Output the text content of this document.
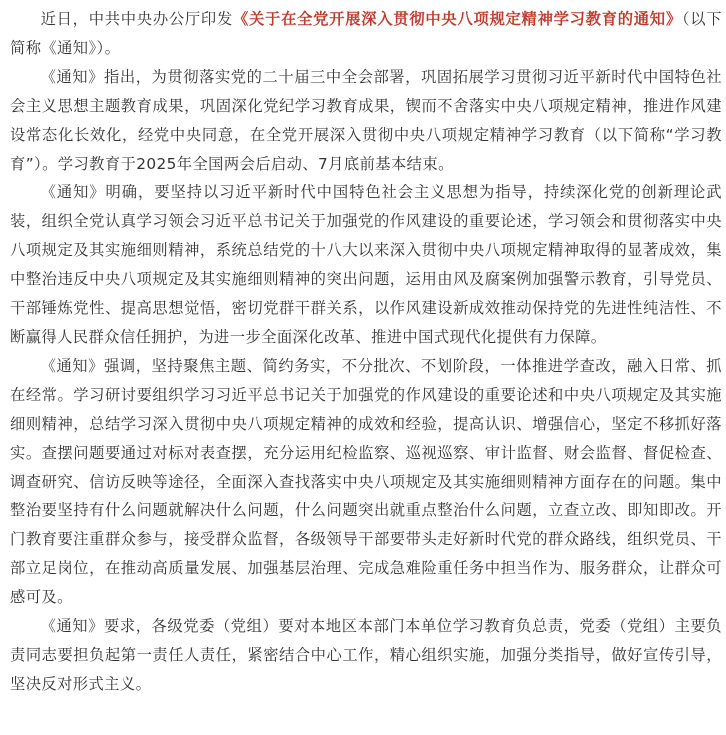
近日，中共中央办公厅印发《关于在全党开展深入贯彻中央八项规定精神学习教育的通知》（以下简称《通知》）。

《通知》指出，为贯彻落实党的二十届三中全会部署，巩固拓展学习贯彻习近平新时代中国特色社会主义思想主题教育成果，巩固深化党纪学习教育成果，锲而不舍落实中央八项规定精神，推进作风建设常态化长效化，经党中央同意，在全党开展深入贯彻中央八项规定精神学习教育（以下简称“学习教育”）。学习教育于2025年全国两会后启动、7月底前基本结束。

《通知》明确，要坚持以习近平新时代中国特色社会主义思想为指导，持续深化党的创新理论武装，组织全党认真学习领会习近平总书记关于加强党的作风建设的重要论述，学习领会和贯彻落实中央八项规定及其实施细则精神，系统总结党的十八大以来深入贯彻中央八项规定精神取得的显著成效，集中整治违反中央八项规定及其实施细则精神的突出问题，运用由风及腐案例加强警示教育，引导党员、干部锤炼党性、提高思想觉悟，密切党群干群关系，以作风建设新成效推动保持党的先进性纯洁性、不断赢得人民群众信任拥护，为进一步全面深化改革、推进中国式现代化提供有力保障。

《通知》强调，坚持聚焦主题、简约务实，不分批次、不划阶段，一体推进学查改，融入日常、抓在经常。学习研讨要组织学习习近平总书记关于加强党的作风建设的重要论述和中央八项规定及其实施细则精神，总结学习深入贯彻中央八项规定精神的成效和经验，提高认识、增强信心，坚定不移抓好落实。查摆问题要通过对标对表查摆，充分运用纪检监察、巡视巡察、审计监督、财会监督、督促检查、调查研究、信访反映等途径，全面深入查找落实中央八项规定及其实施细则精神方面存在的问题。集中整治要坚持有什么问题就解决什么问题，什么问题突出就重点整治什么问题，立查立改、即知即改。开门教育要注重群众参与，接受群众监督，各级领导干部要带头走好新时代党的群众路线，组织党员、干部立足岗位，在推动高质量发展、加强基层治理、完成急难险重任务中担当作为、服务群众，让群众可感可及。

《通知》要求，各级党委（党组）要对本地区本部门本单位学习教育负总责，党委（党组）主要负责同志要担负起第一责任人责任，紧密结合中心工作，精心组织实施，加强分类指导，做好宣传引导，坚决反对形式主义。
